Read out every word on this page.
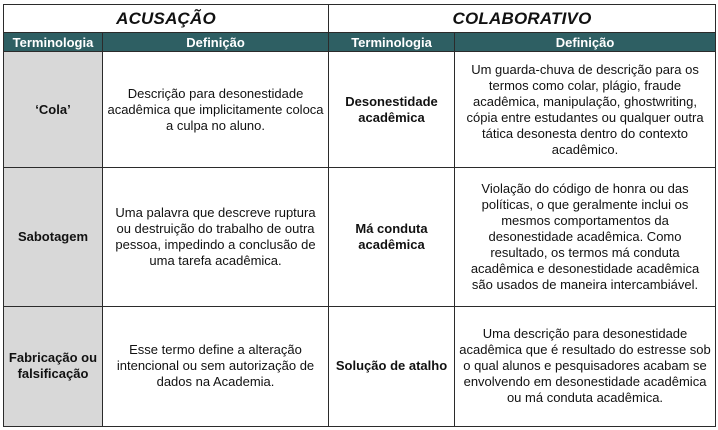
ACUSAÇÃO		COLABORATIVO	
Terminologia	Definição	Terminologia	Definição
‘Cola’	Descrição para desonestidade acadêmica que implicitamente coloca a culpa no aluno.	Desonestidade acadêmica	Um guarda-chuva de descrição para os termos como colar, plágio, fraude acadêmica, manipulação, ghostwriting, cópia entre estudantes ou qualquer outra tática desonesta dentro do contexto acadêmico.
Sabotagem	Uma palavra que descreve ruptura ou destruição do trabalho de outra pessoa, impedindo a conclusão de uma tarefa acadêmica.	Má conduta acadêmica	Violação do código de honra ou das políticas, o que geralmente inclui os mesmos comportamentos da desonestidade acadêmica. Como resultado, os termos má conduta acadêmica e desonestidade acadêmica são usados de maneira intercambiável.
Fabricação ou falsificação	Esse termo define a alteração intencional ou sem autorização de dados na Academia.	Solução de atalho	Uma descrição para desonestidade acadêmica que é resultado do estresse sob o qual alunos e pesquisadores acabam se envolvendo em desonestidade acadêmica ou má conduta acadêmica.
